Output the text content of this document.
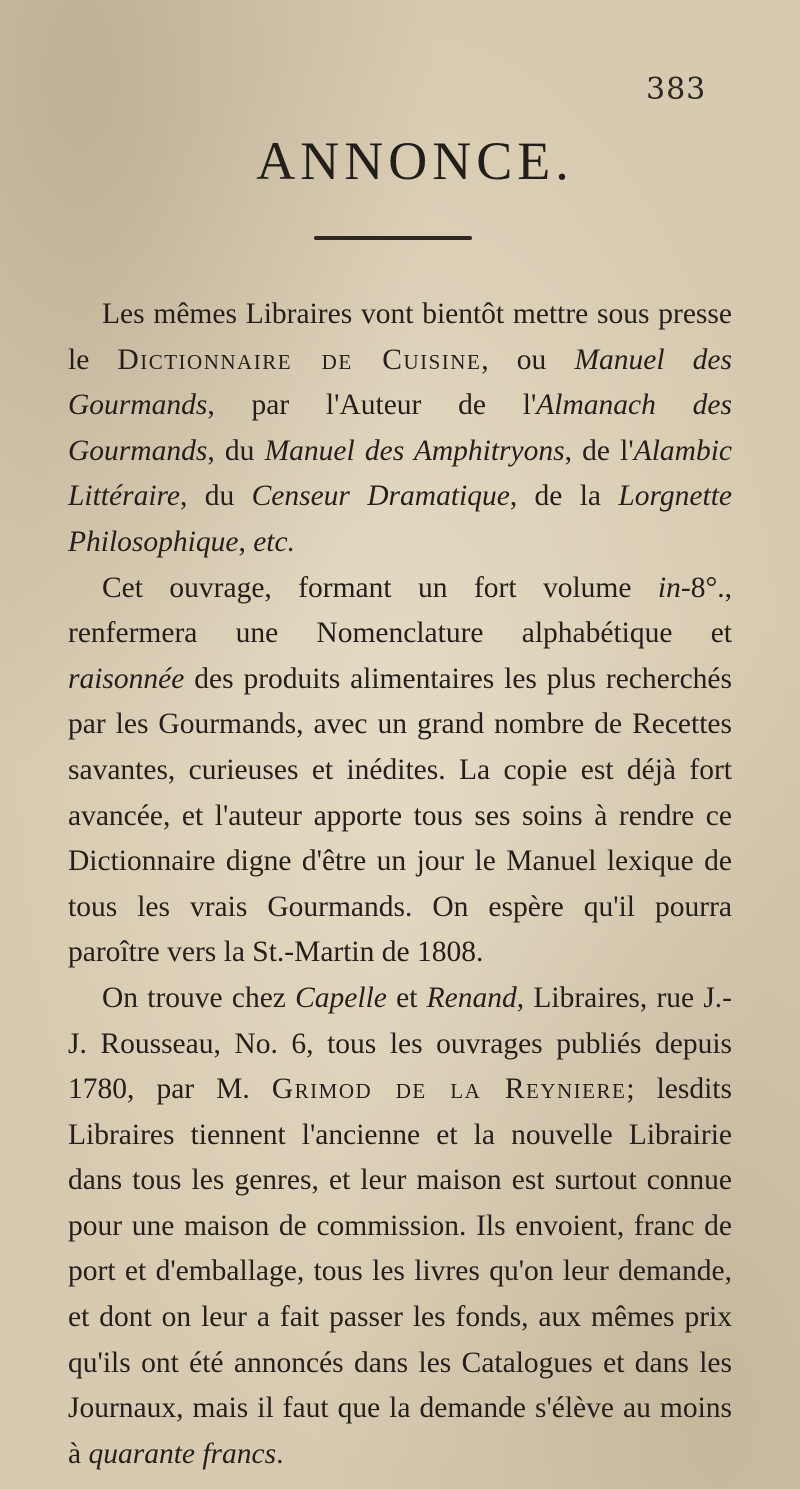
383
ANNONCE.

Les mêmes Libraires vont bientôt mettre sous presse le Dictionnaire de Cuisine, ou Manuel des Gourmands, par l'Auteur de l'Almanach des Gourmands, du Manuel des Amphitryons, de l'Alambic Littéraire, du Censeur Dramatique, de la Lorgnette Philosophique, etc.

Cet ouvrage, formant un fort volume in-8°., renfermera une Nomenclature alphabétique et raisonnée des produits alimentaires les plus recherchés par les Gourmands, avec un grand nombre de Recettes savantes, curieuses et inédites. La copie est déjà fort avancée, et l'auteur apporte tous ses soins à rendre ce Dictionnaire digne d'être un jour le Manuel lexique de tous les vrais Gourmands. On espère qu'il pourra paroître vers la St.-Martin de 1808.

On trouve chez Capelle et Renand, Libraires, rue J.-J. Rousseau, No. 6, tous les ouvrages publiés depuis 1780, par M. Grimod de la Reyniere; lesdits Libraires tiennent l'ancienne et la nouvelle Librairie dans tous les genres, et leur maison est surtout connue pour une maison de commission. Ils envoient, franc de port et d'emballage, tous les livres qu'on leur demande, et dont on leur a fait passer les fonds, aux mêmes prix qu'ils ont été annoncés dans les Catalogues et dans les Journaux, mais il faut que la demande s'élève au moins à quarante francs.
